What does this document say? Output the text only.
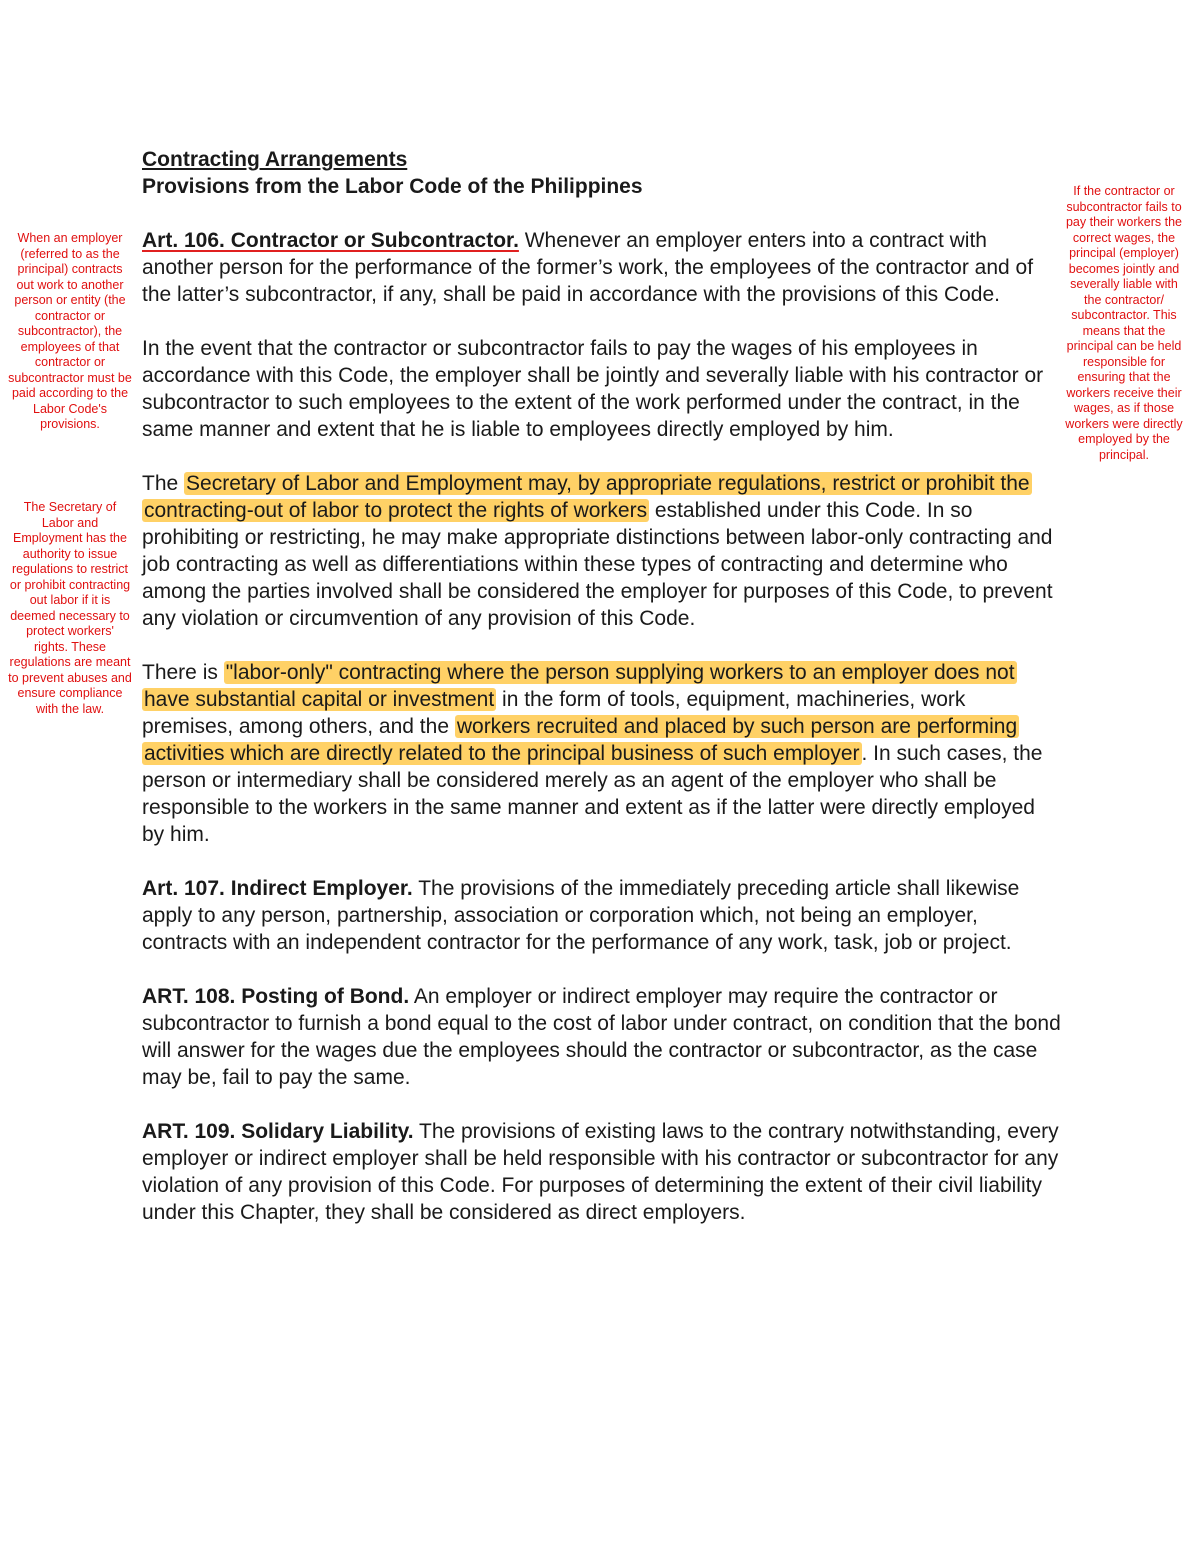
Contracting Arrangements

Provisions from the Labor Code of the Philippines

Art. 106. Contractor or Subcontractor. Whenever an employer enters into a contract with another person for the performance of the former’s work, the employees of the contractor and of the latter’s subcontractor, if any, shall be paid in accordance with the provisions of this Code.

In the event that the contractor or subcontractor fails to pay the wages of his employees in accordance with this Code, the employer shall be jointly and severally liable with his contractor or subcontractor to such employees to the extent of the work performed under the contract, in the same manner and extent that he is liable to employees directly employed by him.

The Secretary of Labor and Employment may, by appropriate regulations, restrict or prohibit the contracting-out of labor to protect the rights of workers established under this Code. In so prohibiting or restricting, he may make appropriate distinctions between labor-only contracting and job contracting as well as differentiations within these types of contracting and determine who among the parties involved shall be considered the employer for purposes of this Code, to prevent any violation or circumvention of any provision of this Code.

There is "labor-only" contracting where the person supplying workers to an employer does not have substantial capital or investment in the form of tools, equipment, machineries, work premises, among others, and the workers recruited and placed by such person are performing activities which are directly related to the principal business of such employer. In such cases, the person or intermediary shall be considered merely as an agent of the employer who shall be responsible to the workers in the same manner and extent as if the latter were directly employed by him.

Art. 107. Indirect Employer. The provisions of the immediately preceding article shall likewise apply to any person, partnership, association or corporation which, not being an employer, contracts with an independent contractor for the performance of any work, task, job or project.

ART. 108. Posting of Bond. An employer or indirect employer may require the contractor or subcontractor to furnish a bond equal to the cost of labor under contract, on condition that the bond will answer for the wages due the employees should the contractor or subcontractor, as the case may be, fail to pay the same.

ART. 109. Solidary Liability. The provisions of existing laws to the contrary notwithstanding, every employer or indirect employer shall be held responsible with his contractor or subcontractor for any violation of any provision of this Code. For purposes of determining the extent of their civil liability under this Chapter, they shall be considered as direct employers.

When an employer (referred to as the principal) contracts out work to another person or entity (the contractor or subcontractor), the employees of that contractor or subcontractor must be paid according to the Labor Code's provisions.
The Secretary of Labor and Employment has the authority to issue regulations to restrict or prohibit contracting out labor if it is deemed necessary to protect workers' rights. These regulations are meant to prevent abuses and ensure compliance with the law.
If the contractor or subcontractor fails to pay their workers the correct wages, the principal (employer) becomes jointly and severally liable with the contractor/ subcontractor. This means that the principal can be held responsible for ensuring that the workers receive their wages, as if those workers were directly employed by the principal.
